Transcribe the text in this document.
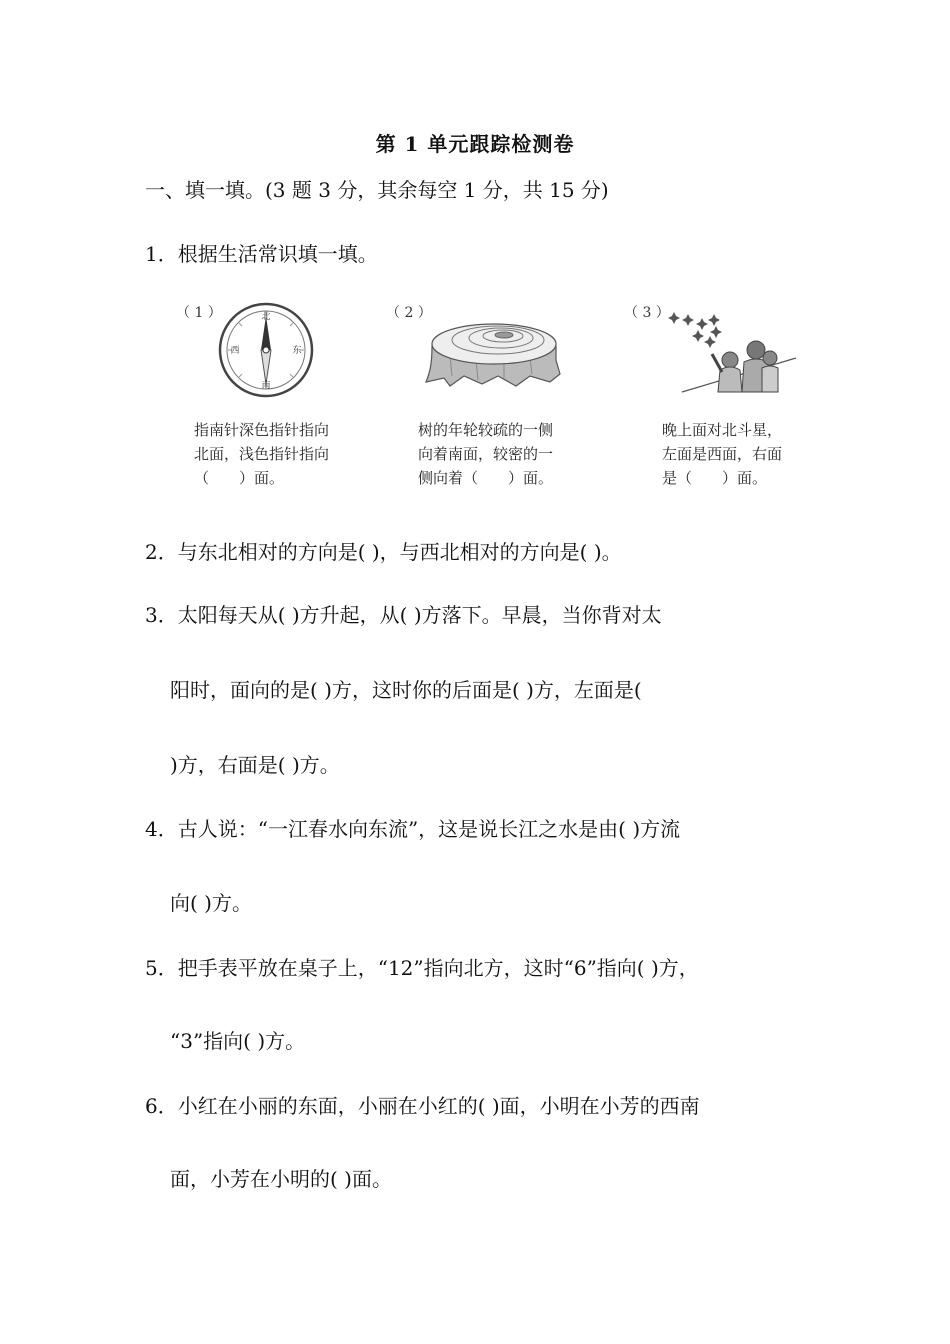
第 1 单元跟踪检测卷
一、填一填。(3 题 3 分，其余每空 1 分，共 15 分)
1．根据生活常识填一填。
（ 1 ）	北
南
东
西
指南针深色指针指向
北面，浅色指针指向
（　　）面。
（ 2 ）
树的年轮较疏的一侧
向着南面，较密的一
侧向着（　　）面。
（ 3 ）
晚上面对北斗星，
左面是西面，右面
是（　　）面。
2．与东北相对的方向是( )，与西北相对的方向是( )。
3．太阳每天从( )方升起，从( )方落下。早晨，当你背对太
阳时，面向的是( )方，这时你的后面是( )方，左面是(
)方，右面是( )方。
4．古人说：“一江春水向东流”，这是说长江之水是由( )方流
向( )方。
5．把手表平放在桌子上，“12”指向北方，这时“6”指向( )方，
“3”指向( )方。
6．小红在小丽的东面，小丽在小红的( )面，小明在小芳的西南
面，小芳在小明的( )面。
